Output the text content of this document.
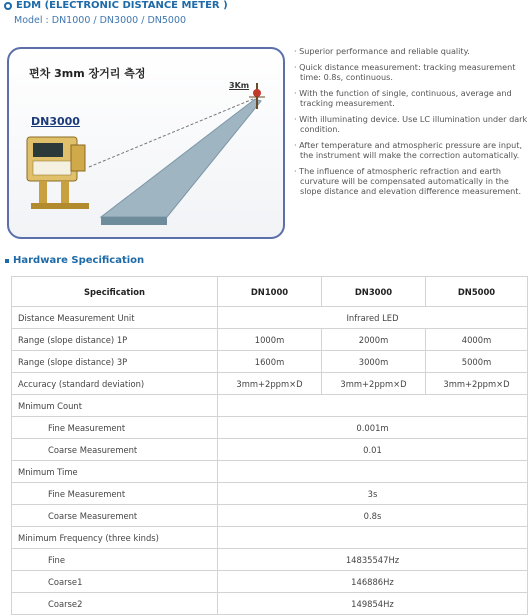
EDM (ELECTRONIC DISTANCE METER )
Model : DN1000 / DN3000 / DN5000
편차 3mm 장거리 측정
3Km
DN3000
· Superior performance and reliable quality.
· Quick distance measurement: tracking measurement time: 0.8s, continuous.
· With the function of single, continuous, average and tracking measurement.
· With illuminating device. Use LC illumination under dark condition.
· After temperature and atmospheric pressure are input, the instrument will make the correction automatically.
· The influence of atmospheric refraction and earth curvature will be compensated automatically in the slope distance and elevation difference measurement.
Hardware Specification
Specification	DN1000	DN3000	DN5000
Distance Measurement Unit	Infrared LED		
Range (slope distance) 1P	1000m	2000m	4000m
Range (slope distance) 3P	1600m	3000m	5000m
Accuracy (standard deviation)	3mm+2ppm×D	3mm+2ppm×D	3mm+2ppm×D
Mnimum Count			
Fine Measurement	0.001m		
Coarse Measurement	0.01		
Mnimum Time			
Fine Measurement	3s		
Coarse Measurement	0.8s		
Minimum Frequency (three kinds)			
Fine	14835547Hz		
Coarse1	146886Hz		
Coarse2	149854Hz		
